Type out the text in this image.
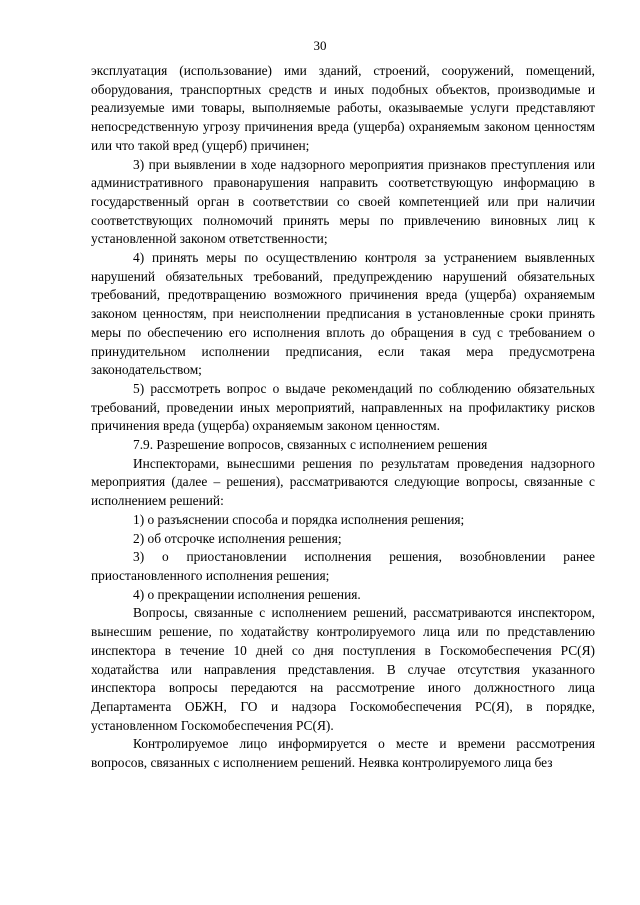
30

эксплуатация (использование) ими зданий, строений, сооружений, помещений, оборудования, транспортных средств и иных подобных объектов, производимые и реализуемые ими товары, выполняемые работы, оказываемые услуги представляют непосредственную угрозу причинения вреда (ущерба) охраняемым законом ценностям или что такой вред (ущерб) причинен;

3) при выявлении в ходе надзорного мероприятия признаков преступления или административного правонарушения направить соответствующую информацию в государственный орган в соответствии со своей компетенцией или при наличии соответствующих полномочий принять меры по привлечению виновных лиц к установленной законом ответственности;

4) принять меры по осуществлению контроля за устранением выявленных нарушений обязательных требований, предупреждению нарушений обязательных требований, предотвращению возможного причинения вреда (ущерба) охраняемым законом ценностям, при неисполнении предписания в установленные сроки принять меры по обеспечению его исполнения вплоть до обращения в суд с требованием о принудительном исполнении предписания, если такая мера предусмотрена законодательством;

5) рассмотреть вопрос о выдаче рекомендаций по соблюдению обязательных требований, проведении иных мероприятий, направленных на профилактику рисков причинения вреда (ущерба) охраняемым законом ценностям.

7.9. Разрешение вопросов, связанных с исполнением решения

Инспекторами, вынесшими решения по результатам проведения надзорного мероприятия (далее – решения), рассматриваются следующие вопросы, связанные с исполнением решений:

1) о разъяснении способа и порядка исполнения решения;

2) об отсрочке исполнения решения;

3) о приостановлении исполнения решения, возобновлении ранее приостановленного исполнения решения;

4) о прекращении исполнения решения.

Вопросы, связанные с исполнением решений, рассматриваются инспектором, вынесшим решение, по ходатайству контролируемого лица или по представлению инспектора в течение 10 дней со дня поступления в Госкомобеспечения РС(Я) ходатайства или направления представления. В случае отсутствия указанного инспектора вопросы передаются на рассмотрение иного должностного лица Департамента ОБЖН, ГО и надзора Госкомобеспечения РС(Я), в порядке, установленном Госкомобеспечения РС(Я).

Контролируемое лицо информируется о месте и времени рассмотрения вопросов, связанных с исполнением решений. Неявка контролируемого лица без
